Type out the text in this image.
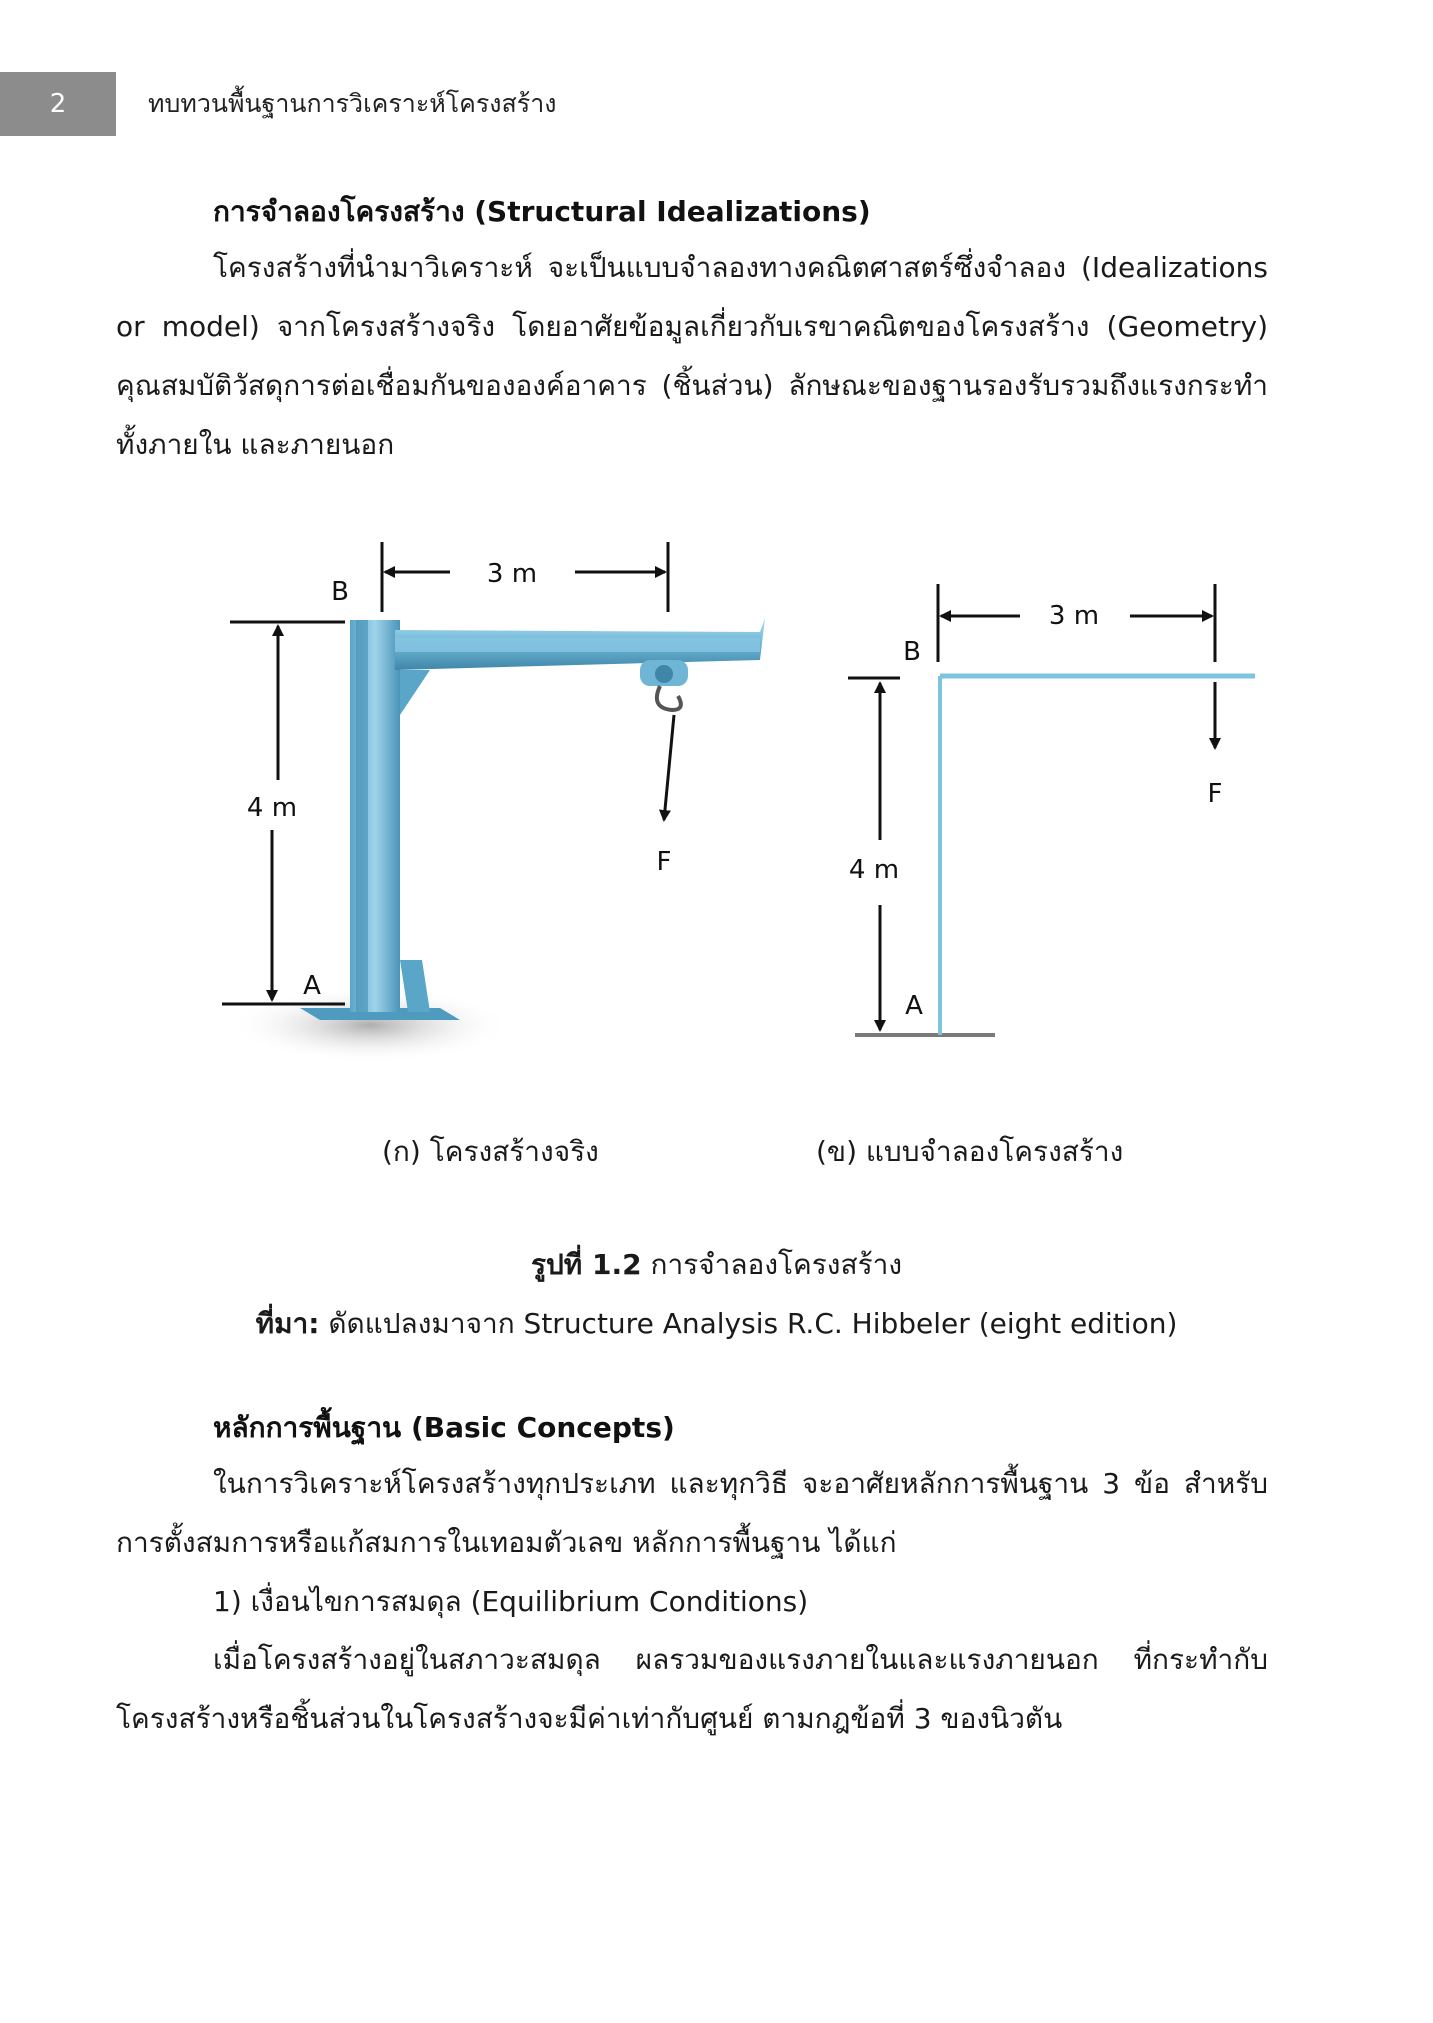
2	ทบทวนพื้นฐานการวิเคราะห์โครงสร้าง
การจำลองโครงสร้าง (Structural Idealizations)

โครงสร้างที่นำมาวิเคราะห์ จะเป็นแบบจำลองทางคณิตศาสตร์ซึ่งจำลอง (Idealizations or model) จากโครงสร้างจริง โดยอาศัยข้อมูลเกี่ยวกับเรขาคณิตของโครงสร้าง (Geometry) คุณสมบัติวัสดุการต่อเชื่อมกันขององค์อาคาร (ชิ้นส่วน) ลักษณะของฐานรองรับรวมถึงแรงกระทำทั้งภายใน และภายนอก

3 m
4 m
B
A
F
3 m
4 m
B
A
F
(ก) โครงสร้างจริง	(ข) แบบจำลองโครงสร้าง
รูปที่ 1.2 การจำลองโครงสร้าง
ที่มา: ดัดแปลงมาจาก Structure Analysis R.C. Hibbeler (eight edition)
หลักการพื้นฐาน (Basic Concepts)

ในการวิเคราะห์โครงสร้างทุกประเภท และทุกวิธี จะอาศัยหลักการพื้นฐาน 3 ข้อ สำหรับการตั้งสมการหรือแก้สมการในเทอมตัวเลข หลักการพื้นฐาน ได้แก่

1) เงื่อนไขการสมดุล (Equilibrium Conditions)

เมื่อโครงสร้างอยู่ในสภาวะสมดุล ผลรวมของแรงภายในและแรงภายนอก ที่กระทำกับโครงสร้างหรือชิ้นส่วนในโครงสร้างจะมีค่าเท่ากับศูนย์ ตามกฎข้อที่ 3 ของนิวตัน
